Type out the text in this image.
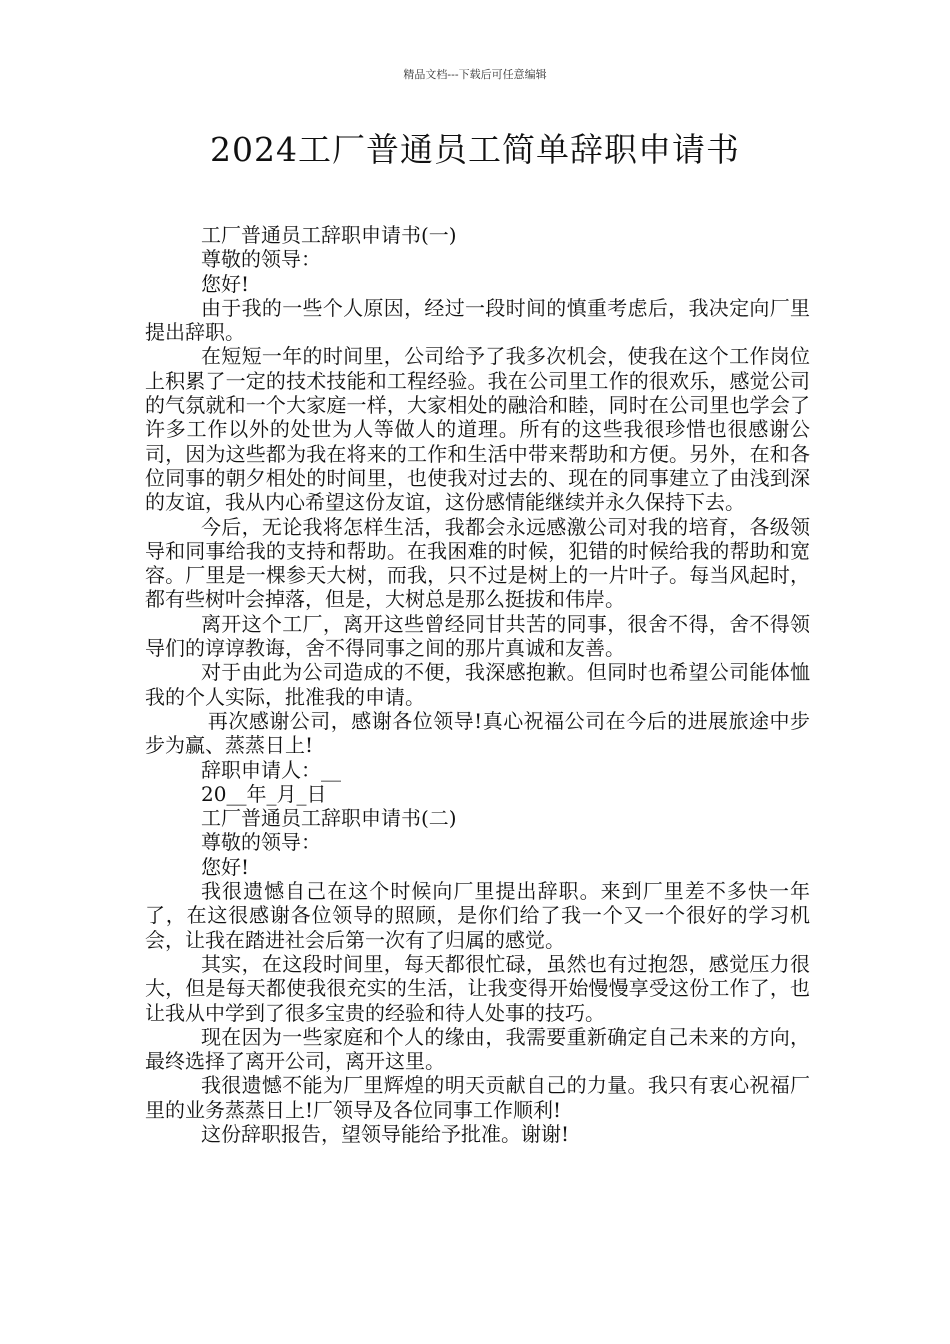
精品文档---下载后可任意编辑
2024工厂普通员工简单辞职申请书

工厂普通员工辞职申请书(一)

尊敬的领导：

您好!

由于我的一些个人原因，经过一段时间的慎重考虑后，我决定向厂里提出辞职。

在短短一年的时间里，公司给予了我多次机会，使我在这个工作岗位上积累了一定的技术技能和工程经验。我在公司里工作的很欢乐，感觉公司的气氛就和一个大家庭一样，大家相处的融洽和睦，同时在公司里也学会了许多工作以外的处世为人等做人的道理。所有的这些我很珍惜也很感谢公司，因为这些都为我在将来的工作和生活中带来帮助和方便。另外，在和各位同事的朝夕相处的时间里，也使我对过去的、现在的同事建立了由浅到深的友谊，我从内心希望这份友谊，这份感情能继续并永久保持下去。

今后，无论我将怎样生活，我都会永远感激公司对我的培育，各级领导和同事给我的支持和帮助。在我困难的时候，犯错的时候给我的帮助和宽容。厂里是一棵参天大树，而我，只不过是树上的一片叶子。每当风起时，都有些树叶会掉落，但是，大树总是那么挺拔和伟岸。

离开这个工厂，离开这些曾经同甘共苦的同事，很舍不得，舍不得领导们的谆谆教诲，舍不得同事之间的那片真诚和友善。

对于由此为公司造成的不便，我深感抱歉。但同时也希望公司能体恤我的个人实际，批准我的申请。

再次感谢公司，感谢各位领导!真心祝福公司在今后的进展旅途中步步为赢、蒸蒸日上!

辞职申请人：__

20__年_月_日

工厂普通员工辞职申请书(二)

尊敬的领导：

您好!

我很遗憾自己在这个时候向厂里提出辞职。来到厂里差不多快一年了，在这很感谢各位领导的照顾，是你们给了我一个又一个很好的学习机会，让我在踏进社会后第一次有了归属的感觉。

其实，在这段时间里，每天都很忙碌，虽然也有过抱怨，感觉压力很大，但是每天都使我很充实的生活，让我变得开始慢慢享受这份工作了，也让我从中学到了很多宝贵的经验和待人处事的技巧。

现在因为一些家庭和个人的缘由，我需要重新确定自己未来的方向，最终选择了离开公司，离开这里。

我很遗憾不能为厂里辉煌的明天贡献自己的力量。我只有衷心祝福厂里的业务蒸蒸日上!厂领导及各位同事工作顺利!

这份辞职报告，望领导能给予批准。谢谢!
